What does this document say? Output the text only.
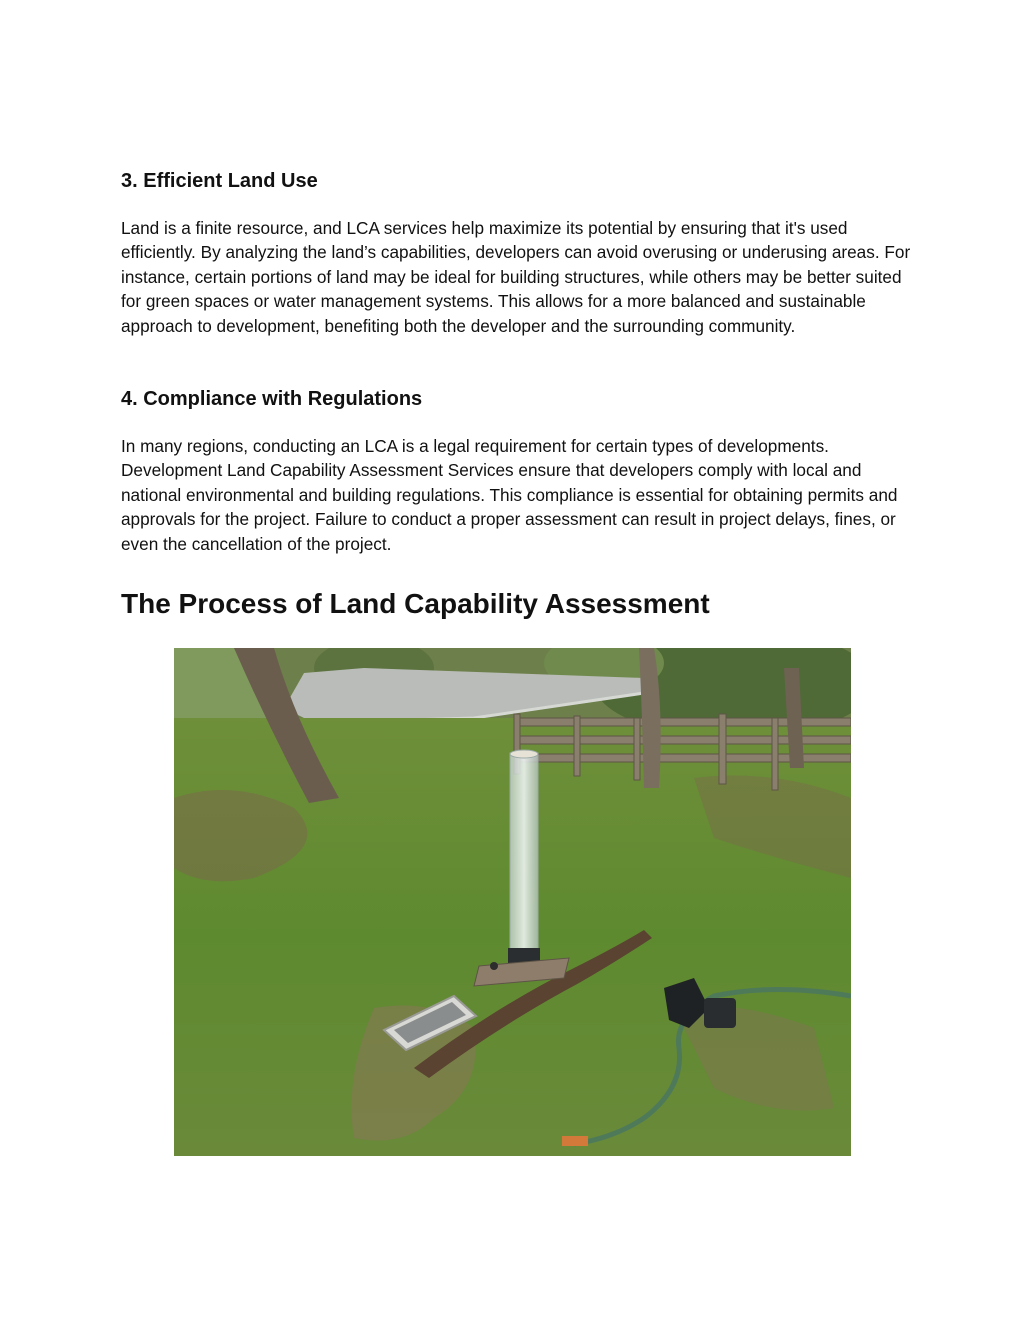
3. Efficient Land Use

Land is a finite resource, and LCA services help maximize its potential by ensuring that it's used efficiently. By analyzing the land’s capabilities, developers can avoid overusing or underusing areas. For instance, certain portions of land may be ideal for building structures, while others may be better suited for green spaces or water management systems. This allows for a more balanced and sustainable approach to development, benefiting both the developer and the surrounding community.

4. Compliance with Regulations

In many regions, conducting an LCA is a legal requirement for certain types of developments. Development Land Capability Assessment Services ensure that developers comply with local and national environmental and building regulations. This compliance is essential for obtaining permits and approvals for the project. Failure to conduct a proper assessment can result in project delays, fines, or even the cancellation of the project.

The Process of Land Capability Assessment
